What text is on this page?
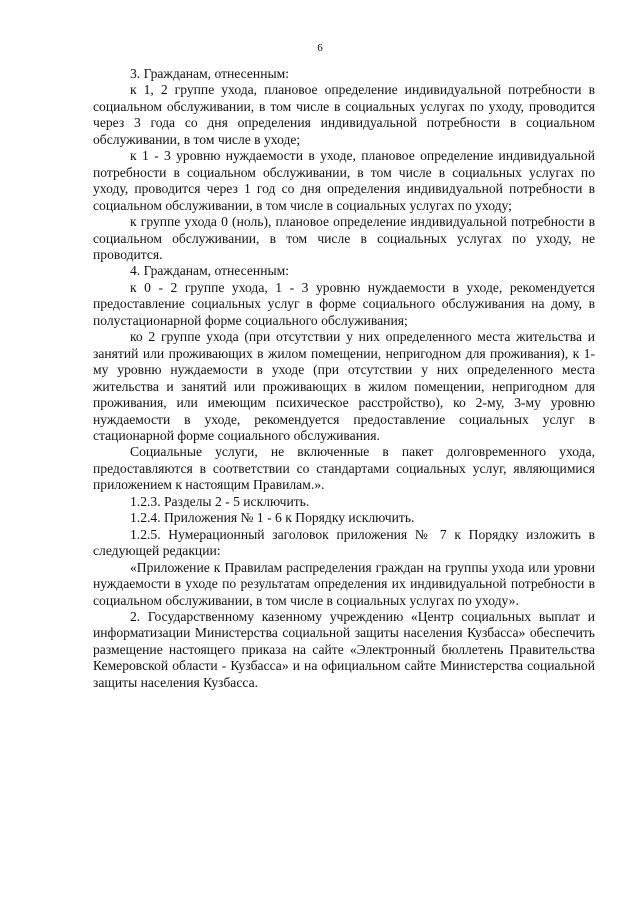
6

3. Гражданам, отнесенным:

к 1, 2 группе ухода, плановое определение индивидуальной потребности в социальном обслуживании, в том числе в социальных услугах по уходу, проводится через 3 года со дня определения индивидуальной потребности в социальном обслуживании, в том числе в уходе;

к 1 - 3 уровню нуждаемости в уходе, плановое определение индивидуальной потребности в социальном обслуживании, в том числе в социальных услугах по уходу, проводится через 1 год со дня определения индивидуальной потребности в социальном обслуживании, в том числе в социальных услугах по уходу;

к группе ухода 0 (ноль), плановое определение индивидуальной потребности в социальном обслуживании, в том числе в социальных услугах по уходу, не проводится.

4. Гражданам, отнесенным:

к 0 - 2 группе ухода, 1 - 3 уровню нуждаемости в уходе, рекомендуется предоставление социальных услуг в форме социального обслуживания на дому, в полустационарной форме социального обслуживания;

ко 2 группе ухода (при отсутствии у них определенного места жительства и занятий или проживающих в жилом помещении, непригодном для проживания), к 1-му уровню нуждаемости в уходе (при отсутствии у них определенного места жительства и занятий или проживающих в жилом помещении, непригодном для проживания, или имеющим психическое расстройство), ко 2-му, 3-му уровню нуждаемости в уходе, рекомендуется предоставление социальных услуг в стационарной форме социального обслуживания.

Социальные услуги, не включенные в пакет долговременного ухода, предоставляются в соответствии со стандартами социальных услуг, являющимися приложением к настоящим Правилам.».

1.2.3. Разделы 2 - 5 исключить.

1.2.4. Приложения № 1 - 6 к Порядку исключить.

1.2.5. Нумерационный заголовок приложения № 7 к Порядку изложить в следующей редакции:

«Приложение к Правилам распределения граждан на группы ухода или уровни нуждаемости в уходе по результатам определения их индивидуальной потребности в социальном обслуживании, в том числе в социальных услугах по уходу».

2. Государственному казенному учреждению «Центр социальных выплат и информатизации Министерства социальной защиты населения Кузбасса» обеспечить размещение настоящего приказа на сайте «Электронный бюллетень Правительства Кемеровской области - Кузбасса» и на официальном сайте Министерства социальной защиты населения Кузбасса.
